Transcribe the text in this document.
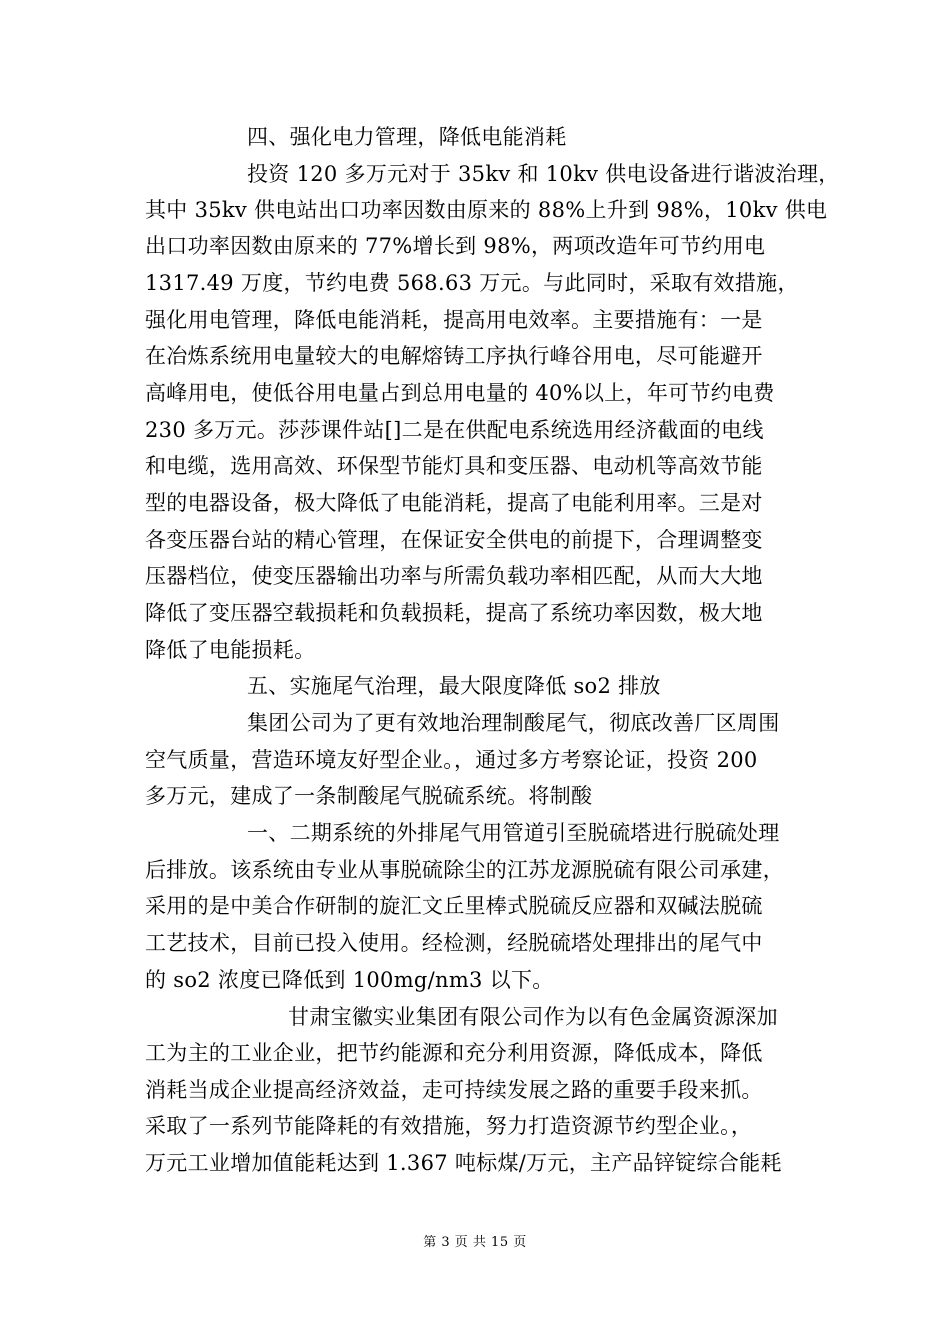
四、强化电力管理，降低电能消耗
投资 120 多万元对于 35kv 和 10kv 供电设备进行谐波治理，
其中 35kv 供电站出口功率因数由原来的 88%上升到 98%，10kv 供电
出口功率因数由原来的 77%增长到 98%，两项改造年可节约用电
1317.49 万度，节约电费 568.63 万元。与此同时，采取有效措施，
强化用电管理，降低电能消耗，提高用电效率。主要措施有：一是
在冶炼系统用电量较大的电解熔铸工序执行峰谷用电，尽可能避开
高峰用电，使低谷用电量占到总用电量的 40%以上，年可节约电费
230 多万元。莎莎课件站[]二是在供配电系统选用经济截面的电线
和电缆，选用高效、环保型节能灯具和变压器、电动机等高效节能
型的电器设备，极大降低了电能消耗，提高了电能利用率。三是对
各变压器台站的精心管理，在保证安全供电的前提下，合理调整变
压器档位，使变压器输出功率与所需负载功率相匹配，从而大大地
降低了变压器空载损耗和负载损耗，提高了系统功率因数，极大地
降低了电能损耗。
五、实施尾气治理，最大限度降低 so2 排放
集团公司为了更有效地治理制酸尾气，彻底改善厂区周围
空气质量，营造环境友好型企业。，通过多方考察论证，投资 200
多万元，建成了一条制酸尾气脱硫系统。将制酸
一、二期系统的外排尾气用管道引至脱硫塔进行脱硫处理
后排放。该系统由专业从事脱硫除尘的江苏龙源脱硫有限公司承建，
采用的是中美合作研制的旋汇文丘里棒式脱硫反应器和双碱法脱硫
工艺技术，目前已投入使用。经检测，经脱硫塔处理排出的尾气中
的 so2 浓度已降低到 100mg/nm3 以下。
甘肃宝徽实业集团有限公司作为以有色金属资源深加
工为主的工业企业，把节约能源和充分利用资源，降低成本，降低
消耗当成企业提高经济效益，走可持续发展之路的重要手段来抓。
采取了一系列节能降耗的有效措施，努力打造资源节约型企业。，
万元工业增加值能耗达到 1.367 吨标煤/万元，主产品锌锭综合能耗
第 3 页 共 15 页
